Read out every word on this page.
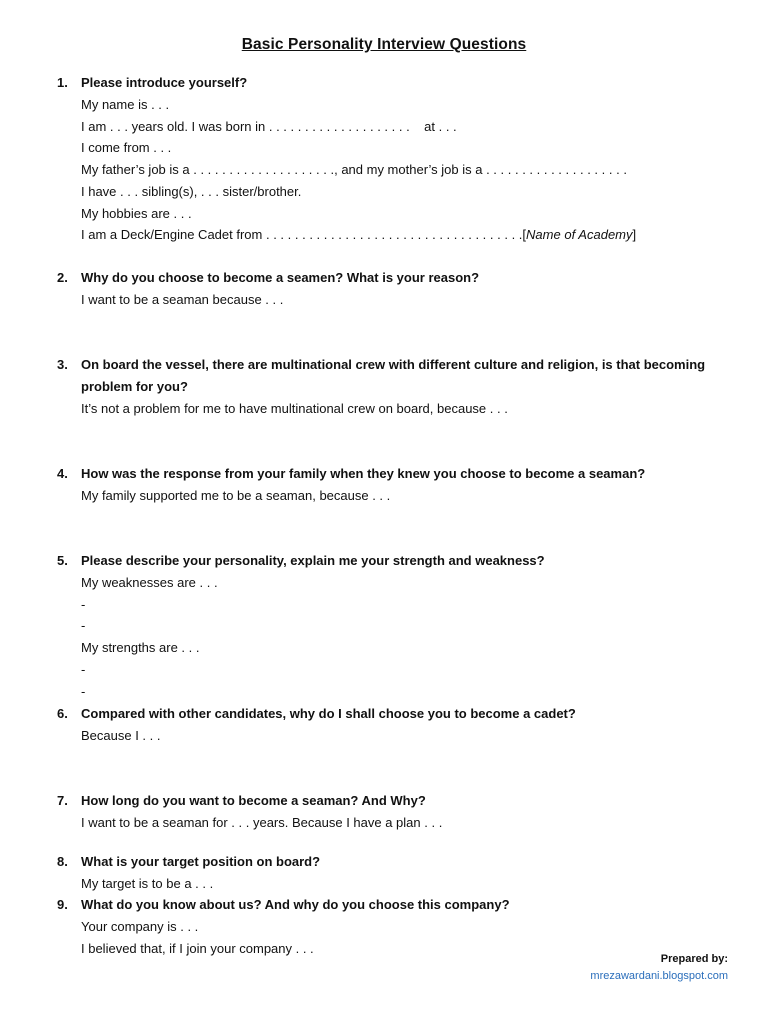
Basic Personality Interview Questions
1.	Please introduce yourself?
My name is . . .
I am . . . years old. I was born in . . . . . . . . . . . . . . . . . . . .    at . . .
I come from . . .
My father’s job is a . . . . . . . . . . . . . . . . . . . ., and my mother’s job is a . . . . . . . . . . . . . . . . . . . .
I have . . . sibling(s), . . . sister/brother.
My hobbies are . . .
I am a Deck/Engine Cadet from . . . . . . . . . . . . . . . . . . . . . . . . . . . . . . . . . . . .[Name of Academy]
2.	Why do you choose to become a seamen? What is your reason?
I want to be a seaman because . . .
3.	On board the vessel, there are multinational crew with different culture and religion, is that becoming problem for you?
It’s not a problem for me to have multinational crew on board, because . . .
4.	How was the response from your family when they knew you choose to become a seaman?
My family supported me to be a seaman, because . . .
5.	Please describe your personality, explain me your strength and weakness?
My weaknesses are . . .
-
-
My strengths are . . .
-
-
6.	Compared with other candidates, why do I shall choose you to become a cadet?
Because I . . .
7.	How long do you want to become a seaman? And Why?
I want to be a seaman for . . . years. Because I have a plan . . .
8.	What is your target position on board?
My target is to be a . . .
9.	What do you know about us? And why do you choose this company?
Your company is . . .
I believed that, if I join your company . . .
Prepared by:
mrezawardani.blogspot.com
